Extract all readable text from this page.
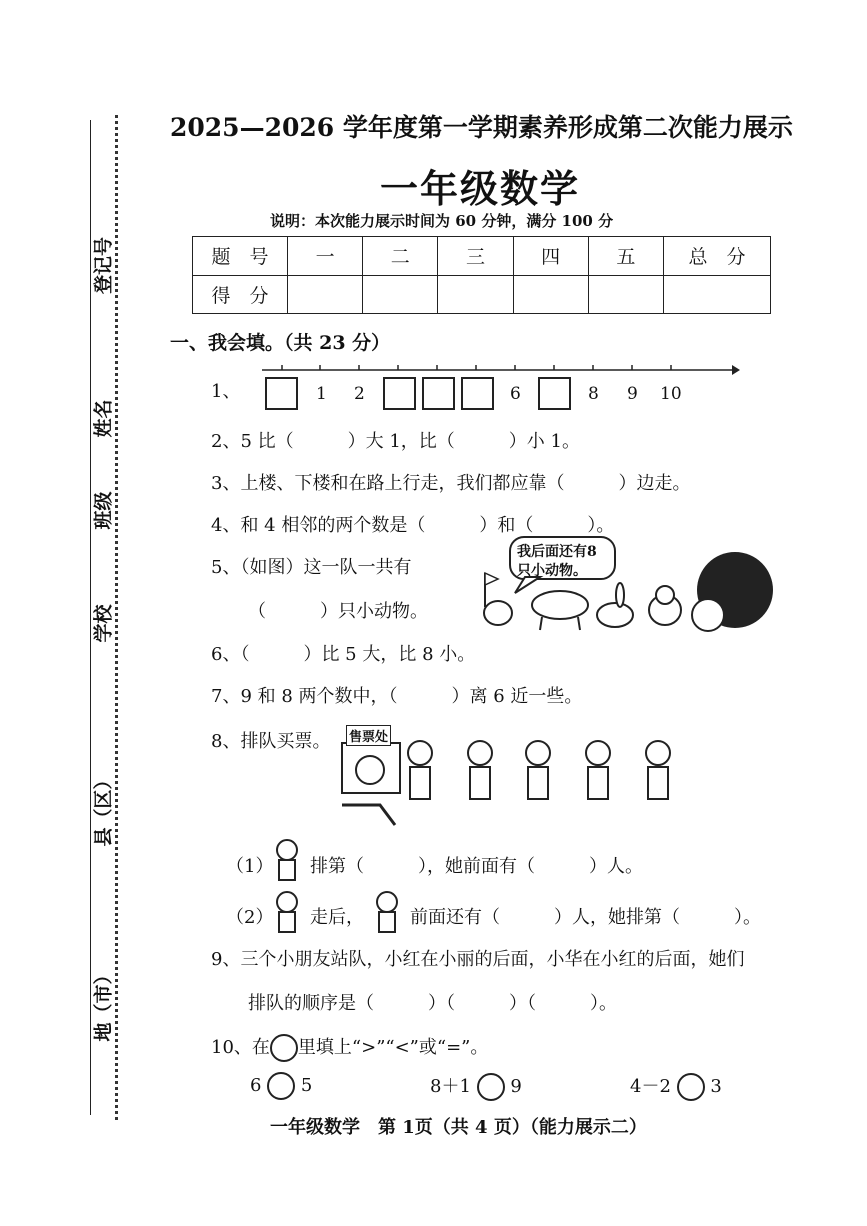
登记号
姓名
班级
学校
县（区）
地（市）
2025—2026 学年度第一学期素养形成第二次能力展示
一年级数学
说明：本次能力展示时间为 60 分钟，满分 100 分
题　号	一	二	三	四	五	总　分
得　分						
一、我会填。（共 23 分）
1、	1 2	6	8 9 10
2、5 比（　　　）大 1，比（　　　）小 1。
3、上楼、下楼和在路上行走，我们都应靠（　　　）边走。
4、和 4 相邻的两个数是（　　　）和（　　　）。
5、（如图）这一队一共有
（　　　）只小动物。
我后面还有8
只小动物。
6、（　　　）比 5 大，比 8 小。
7、9 和 8 两个数中，（　　　）离 6 近一些。
8、排队买票。 售票处
（1） 排第（　　　），她前面有（　　　）人。
（2） 走后，	前面还有（　　　）人，她排第（　　　）。
9、三个小朋友站队，小红在小丽的后面，小华在小红的后面，她们
排队的顺序是（　　　）（　　　）（　　　）。
10、在 里填上“>”“<”或“=”。
6 5	8＋1 9	4－2 3
一年级数学　第 1页（共 4 页）（能力展示二）
